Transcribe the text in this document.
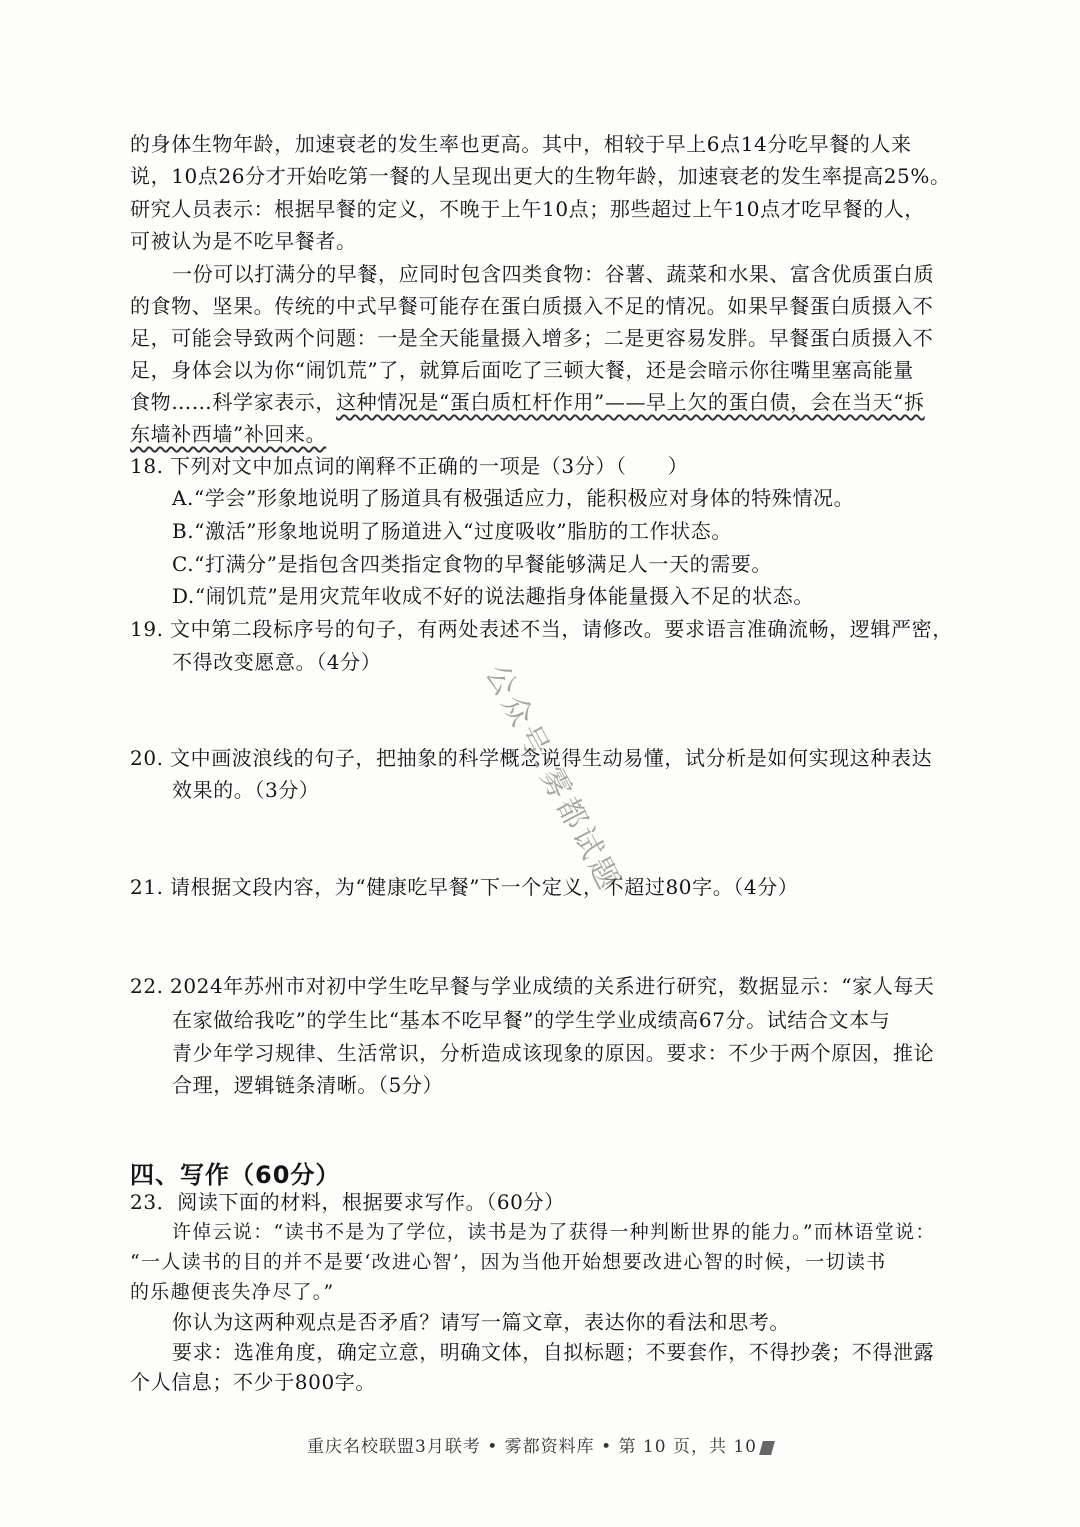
的身体生物年龄，加速衰老的发生率也更高。其中，相较于早上6点14分吃早餐的人来
说，10点26分才开始吃第一餐的人呈现出更大的生物年龄，加速衰老的发生率提高25%。
研究人员表示：根据早餐的定义，不晚于上午10点；那些超过上午10点才吃早餐的人，
可被认为是不吃早餐者。
一份可以打满分的早餐，应同时包含四类食物：谷薯、蔬菜和水果、富含优质蛋白质
的食物、坚果。传统的中式早餐可能存在蛋白质摄入不足的情况。如果早餐蛋白质摄入不
足，可能会导致两个问题：一是全天能量摄入增多；二是更容易发胖。早餐蛋白质摄入不
足，身体会以为你“闹饥荒”了，就算后面吃了三顿大餐，还是会暗示你往嘴里塞高能量
食物……科学家表示，这种情况是“蛋白质杠杆作用”——早上欠的蛋白债，会在当天“拆
东墙补西墙”补回来。
18. 下列对文中加点词的阐释不正确的一项是（3分）（　　）
A.“学会”形象地说明了肠道具有极强适应力，能积极应对身体的特殊情况。
B.“激活”形象地说明了肠道进入“过度吸收”脂肪的工作状态。
C.“打满分”是指包含四类指定食物的早餐能够满足人一天的需要。
D.“闹饥荒”是用灾荒年收成不好的说法趣指身体能量摄入不足的状态。
19. 文中第二段标序号的句子，有两处表述不当，请修改。要求语言准确流畅，逻辑严密，
不得改变愿意。（4分）
20. 文中画波浪线的句子，把抽象的科学概念说得生动易懂，试分析是如何实现这种表达
效果的。（3分）
21. 请根据文段内容，为“健康吃早餐”下一个定义，不超过80字。（4分）
22. 2024年苏州市对初中学生吃早餐与学业成绩的关系进行研究，数据显示：“家人每天
在家做给我吃”的学生比“基本不吃早餐”的学生学业成绩高67分。试结合文本与
青少年学习规律、生活常识，分析造成该现象的原因。要求：不少于两个原因，推论
合理，逻辑链条清晰。（5分）
四、写作（60分）
23．阅读下面的材料，根据要求写作。（60分）
许倬云说：“读书不是为了学位，读书是为了获得一种判断世界的能力。”而林语堂说：
“一人读书的目的并不是要‘改进心智’，因为当他开始想要改进心智的时候，一切读书
的乐趣便丧失净尽了。”
你认为这两种观点是否矛盾？请写一篇文章，表达你的看法和思考。
要求：选准角度，确定立意，明确文体，自拟标题；不要套作，不得抄袭；不得泄露
个人信息；不少于800字。
公众号:雾都试题
重庆名校联盟3月联考 • 雾都资料库 • 第 10 页，共 10
